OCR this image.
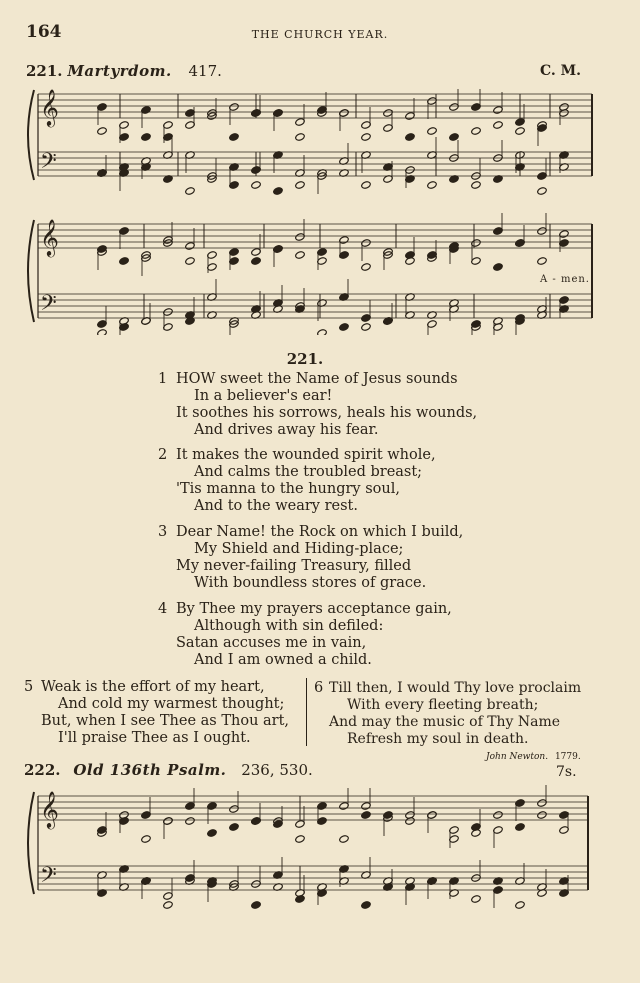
164	THE CHURCH YEAR.
221. Martyrdom. 417.	C. M.
𝄞
𝄢
𝄞
𝄢
A - men.
221.
1 HOW sweet the Name of Jesus sounds
In a believer's ear!
It soothes his sorrows, heals his wounds,
And drives away his fear.
2 It makes the wounded spirit whole,
And calms the troubled breast;
'Tis manna to the hungry soul,
And to the weary rest.
3 Dear Name! the Rock on which I build,
My Shield and Hiding-place;
My never-failing Treasury, filled
With boundless stores of grace.
4 By Thee my prayers acceptance gain,
Although with sin defiled:
Satan accuses me in vain,
And I am owned a child.
5 Weak is the effort of my heart,
And cold my warmest thought;
But, when I see Thee as Thou art,
I'll praise Thee as I ought.
6 Till then, I would Thy love proclaim
With every fleeting breath;
And may the music of Thy Name
Refresh my soul in death.
John Newton. 1779.
222. Old 136th Psalm. 236, 530.	7s.
𝄞
𝄢
